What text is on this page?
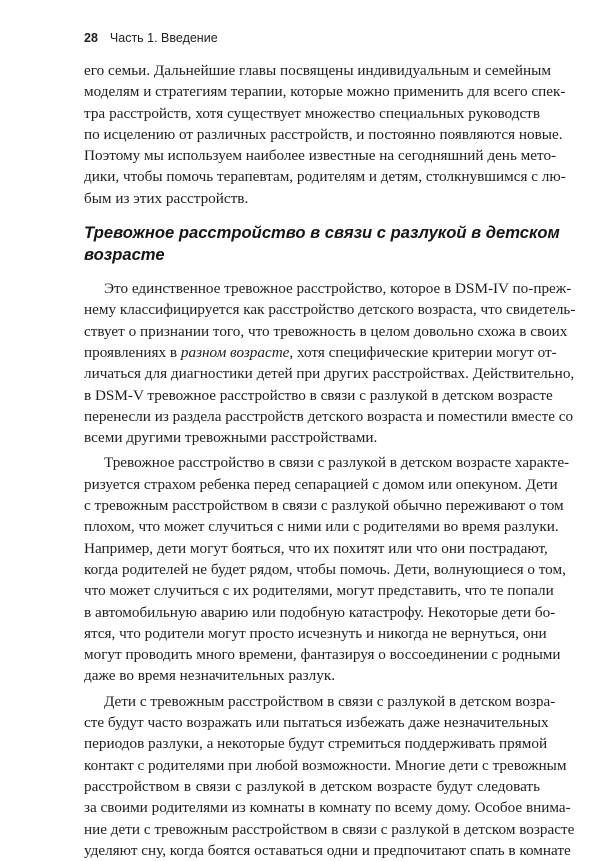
28 Часть 1. Введение
его семьи. Дальнейшие главы посвящены индивидуальным и семейным
моделям и стратегиям терапии, которые можно применить для всего спек-
тра расстройств, хотя существует множество специальных руководств
по исцелению от различных расстройств, и постоянно появляются новые.
Поэтому мы используем наиболее известные на сегодняшний день мето-
дики, чтобы помочь терапевтам, родителям и детям, столкнувшимся с лю-
бым из этих расстройств.
Тревожное расстройство в связи с разлукой в детском
возрасте
Это единственное тревожное расстройство, которое в DSM-IV по-преж-
нему классифицируется как расстройство детского возраста, что свидетель-
ствует о признании того, что тревожность в целом довольно схожа в своих
проявлениях в разном возрасте, хотя специфические критерии могут от-
личаться для диагностики детей при других расстройствах. Действительно,
в DSM-V тревожное расстройство в связи с разлукой в детском возрасте
перенесли из раздела расстройств детского возраста и поместили вместе со
всеми другими тревожными расстройствами.
Тревожное расстройство в связи с разлукой в детском возрасте характе-
ризуется страхом ребенка перед сепарацией с домом или опекуном. Дети
с тревожным расстройством в связи с разлукой обычно переживают о том
плохом, что может случиться с ними или с родителями во время разлуки.
Например, дети могут бояться, что их похитят или что они пострадают,
когда родителей не будет рядом, чтобы помочь. Дети, волнующиеся о том,
что может случиться с их родителями, могут представить, что те попали
в автомобильную аварию или подобную катастрофу. Некоторые дети бо-
ятся, что родители могут просто исчезнуть и никогда не вернуться, они
могут проводить много времени, фантазируя о воссоединении с родными
даже во время незначительных разлук.
Дети с тревожным расстройством в связи с разлукой в детском возра-
сте будут часто возражать или пытаться избежать даже незначительных
периодов разлуки, а некоторые будут стремиться поддерживать прямой
контакт с родителями при любой возможности. Многие дети с тревожным
расстройством в связи с разлукой в детском возрасте будут следовать
за своими родителями из комнаты в комнату по всему дому. Особое внима-
ние дети с тревожным расстройством в связи с разлукой в детском возрасте
уделяют сну, когда боятся оставаться одни и предпочитают спать в комнате
